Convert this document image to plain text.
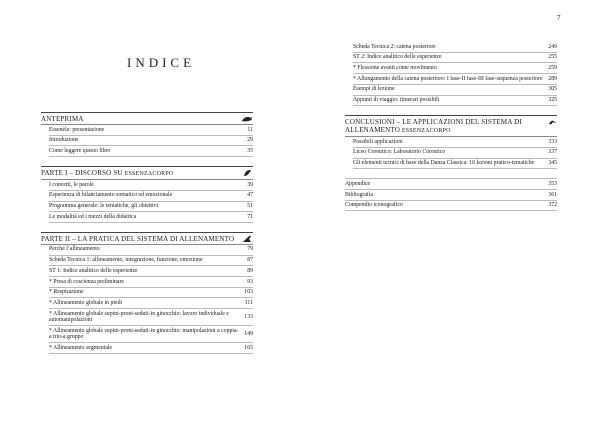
7
INDICE
ANTEPRIMA
Essenèle: presentazione	11
Introduzione	29
Come leggere questo libro	35
PARTE I – DISCORSO SU ESSENZACORPO
I concetti, le parole	39
Esperienza di bilanciamento somatico ed emozionale	47
Programma generale: le tematiche, gli obiettivi	51
Le modalità ed i mezzi della didattica	71
PARTE II – LA PRATICA DEL SISTEMA DI ALLENAMENTO
Perché l’allineamento	79
Scheda Tecnica 1: allineamento, integrazione, funzione, emozione	87
ST 1: Indice analitico delle esperienze	89
* Presa di coscienza preliminare	93
* Respirazione	103
* Allineamento globale in piedi	111
* Allineamento globale supini-proni-seduti-in ginocchio: lavoro individuale e automanipolazioni
133
* Allineamento globale supini-proni-seduti-in ginocchio: manipolazioni a coppia-a trio-a gruppo
149
* Allineamento segmentale	165
Scheda Tecnica 2: catena posteriore	249
ST 2: Indice analitico delle esperienze	255
* Flessione avanti come movimento	259
* Allungamento della catena posteriore: I fase-II fase-III fase-sequenza posteriore	289
Esempi di lezione	305
Appunti di viaggio: itinerari possibili	325
CONCLUSIONI – LE APPLICAZIONI DEL SISTEMA DI ALLENAMENTO ESSENZACORPO
Possibili applicazioni	333
Liceo Coreutico: Laboratorio Coreutico	337
Gli elementi tecnici di base della Danza Classica: 10 lezioni pratico-tematiche	345
Appendice	353
Bibliografia	361
Compendio iconografico	372
